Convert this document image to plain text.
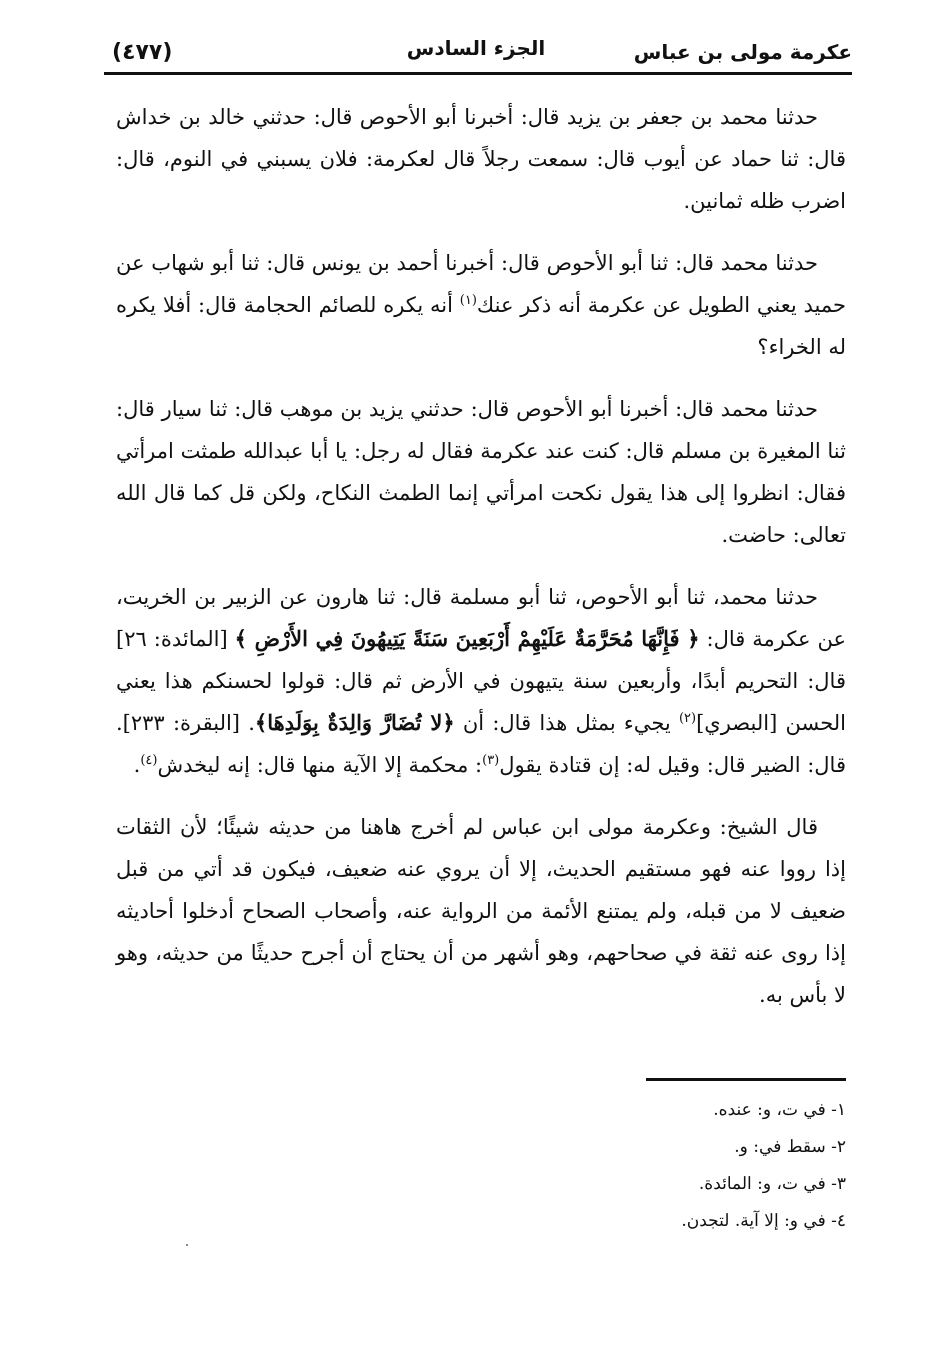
عكرمة مولى بن عباس
الجزء السادس
(٤٧٧)

حدثنا محمد بن جعفر بن يزيد قال: أخبرنا أبو الأحوص قال: حدثني خالد بن خداش قال: ثنا حماد عن أيوب قال: سمعت رجلاً قال لعكرمة: فلان يسبني في النوم، قال: اضرب ظله ثمانين.

حدثنا محمد قال: ثنا أبو الأحوص قال: أخبرنا أحمد بن يونس قال: ثنا أبو شهاب عن حميد يعني الطويل عن عكرمة أنه ذكر عنك$^{(١)}$ أنه يكره للصائم الحجامة قال: أفلا يكره له الخراء؟

حدثنا محمد قال: أخبرنا أبو الأحوص قال: حدثني يزيد بن موهب قال: ثنا سيار قال: ثنا المغيرة بن مسلم قال: كنت عند عكرمة فقال له رجل: يا أبا عبدالله طمثت امرأتي فقال: انظروا إلى هذا يقول نكحت امرأتي إنما الطمث النكاح، ولكن قل كما قال الله تعالى: حاضت.

حدثنا محمد، ثنا أبو الأحوص، ثنا أبو مسلمة قال: ثنا هارون عن الزبير بن الخريت، عن عكرمة قال: ﴿ فَإِنَّهَا مُحَرَّمَةٌ عَلَيْهِمْ أَرْبَعِينَ سَنَةً يَتِيهُونَ فِي الأَرْضِ ﴾ [المائدة: ٢٦] قال: التحريم أبدًا، وأربعين سنة يتيهون في الأرض ثم قال: قولوا لحسنكم هذا يعني الحسن [البصري]$^{(٢)}$ يجيء بمثل هذا قال: أن ﴿لا تُضَارَّ وَالِدَةٌ بِوَلَدِهَا﴾. [البقرة: ٢٣٣]. قال: الضير قال: وقيل له: إن قتادة يقول$^{(٣)}$: محكمة إلا الآية منها قال: إنه ليخدش$^{(٤)}$.

قال الشيخ: وعكرمة مولى ابن عباس لم أخرج هاهنا من حديثه شيئًا؛ لأن الثقات إذا رووا عنه فهو مستقيم الحديث، إلا أن يروي عنه ضعيف، فيكون قد أتي من قبل ضعيف لا من قبله، ولم يمتنع الأئمة من الرواية عنه، وأصحاب الصحاح أدخلوا أحاديثه إذا روى عنه ثقة في صحاحهم، وهو أشهر من أن يحتاج أن أجرح حديثًا من حديثه، وهو لا بأس به.

١- في ت، و: عنده.
٢- سقط في: و.
٣- في ت، و: المائدة.
٤- في و: إلا آية. لتجدن.
